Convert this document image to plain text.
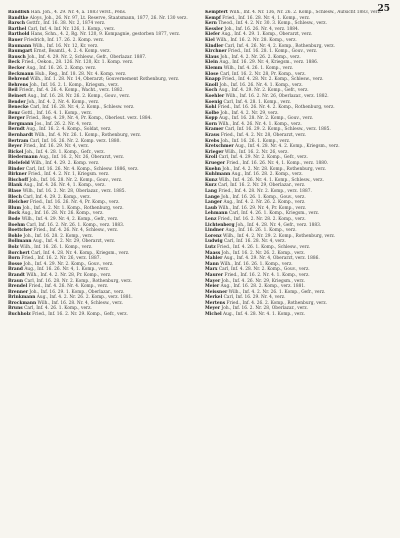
25

Bandlish Han. Joh., 4. 29. Nr. 4, a. 1883 verst., Pens.

Bandtke Aloys, Joh., 26. Nr. 97, Lt. Reserve, Staatsmann, 1877, 26. Nr. 130 verz.

Barsch Gottfr., Inf. 16. 38. Nr. 2, 1874 verz.

Barthel Carl, Inf. 4. Inf. Nr. 126, 1. Komp., verz.

Barthold Hans, Schn., 4. 2, Rg. Nr. 120, 9. Kompagnie, gestorben 1877, verz.

Bauer Friedrich, Inf. 17. 26. 2. Komp. verz.

Baumann Wilh., Inf. 16. Nr. 12, Kr. verz.

Baumgart Ernst, Beamtl., 4. 2. 4. Komp. verz.

Bausch Joh., Inf. 4. 29. Nr. 2, Schlesw., Gefr., Oberlazar. 1887.

Beck Fried., Oekon., 28. 126. Nr. 120, Kr. 1. Komp. verz.

Becker Aug., Inf. 16. 26. 2. Komp. verz.

Beckmann Hub., Reg., Inf. 18. 28. Nr. 4. Komp. verz.

Behrend Wilh., Inf. 1. 28. Nr. 14, Oberarzt; Gouvernement Rothenburg, verz.

Behrens Joh., Inf. 16. 2. 1. Komp., Kriegsm., verz.

Beil Friedr., Inf. 4. 26. 4. Komp., Wacht., verz. 1882.

Beinert Aug., Inf. 16. 28. Nr. 26. 2. Komp., Gouv., verz.

Bender Joh., Inf. 4. 2, Nr. 4. Komp., verz.

Benecke Carl, Inf. 16. 28. Nr. 4, 2. Komp., Schlesw. verz.

Benz Gottl., Inf. 16. 4. 1. Komp., verz.

Berger Fried., Reg. 4. 29, Nr. 4, Pr. Komp., Oberleut. verz. 1884.

Bergmann Jos., Inf. 26. 2. Nr. 4, verz.

Berndt Aug., Inf. 16. 2. 4. Komp., Soldat, verz.

Bernhardt Wilh., Inf. 4. Nr. 26. 1. Komp., Rothenburg, verz.

Bertram Carl, Inf. 16. 26. Nr. 2. Komp. verz. 1880.

Beyer Fried., Inf. 16. 29. Nr. 4, verz.

Bickel Joh., Inf. 4. 28. 1. Komp., Gefr., verz.

Biedermann Aug., Inf. 16. 2, Nr. 26, Oberarzt, verz.

Bielefeld Wilh., Inf. 4. 29. 2. Komp. verz.

Binder Carl, Inf. 16. 26. Nr. 4. Komp., Schlesw. 1886, verz.

Birkner Fried., Inf. 4. 2. Nr. 1, Kriegsm. verz.

Bischoff Joh., Inf. 16. 28. Nr. 2. Komp., Gouv., verz.

Blank Aug., Inf. 4. 26. Nr. 4, 1. Komp., verz.

Blase Wilh., Inf. 16. 2. Nr. 28, Oberlazar., verz. 1885.

Blech Carl, Inf. 4. 29. 2. Komp., verz.

Bleicher Fried., Inf. 16. 26. Nr. 4, Pr. Komp., verz.

Blum Joh., Inf. 4. 2. Nr. 1. Komp., Rothenburg, verz.

Bock Aug., Inf. 16. 28. Nr. 26. Komp., verz.

Bode Wilh., Inf. 4. 29. Nr. 4, 2. Komp., Gefr., verz.

Boehm Carl, Inf. 16. 2. Nr. 26. 1. Komp., verz. 1883.

Boettcher Fried., Inf. 4. 26. Nr. 4, Schlesw., verz.

Bohle Joh., Inf. 16. 28. 2. Komp., verz.

Bollmann Aug., Inf. 4. 2. Nr. 29, Oberarzt, verz.

Bolz Wilh., Inf. 16. 26. 1. Komp., verz.

Borchert Carl, Inf. 4. 28. Nr. 4. Komp., Kriegsm., verz.

Born Fried., Inf. 16. 2. Nr. 26, verz. 1887.

Bosse Joh., Inf. 4. 29. Nr. 2. Komp., Gouv., verz.

Brand Aug., Inf. 16. 26. Nr. 4, 1. Komp., verz.

Brandt Wilh., Inf. 4. 2. Nr. 28, Pr. Komp., verz.

Braun Carl, Inf. 16. 28. Nr. 2. Komp., Rothenburg, verz.

Brendel Fried., Inf. 4. 26. Nr. 4. Komp., verz.

Brenner Joh., Inf. 16. 29. 1. Komp., Oberlazar., verz.

Brinkmann Aug., Inf. 4. 2. Nr. 26. 2. Komp., verz. 1881.

Brockmann Wilh., Inf. 16. 28. Nr. 4, Schlesw., verz.

Bruns Carl, Inf. 4. 26. 1. Komp., verz.

Buchholz Fried., Inf. 16. 2. Nr. 29. Komp., Gefr., verz.

Kempfert Wilh., Inf. 4. Nr. 136, Nr. 26. 2. Komp., Schlesw., Aufsicht 1883, verz.

Kempf Fried., Inf. 16. 28. Nr. 4, 1. Komp., verz.

Kern Theod., Inf. 4. 2. Nr. 30. 3. Komp., Schlesw., verz.

Kessler Joh., Inf. 16. 26. Nr. 4, verz. 1884.

Kiefer Aug., Inf. 4. 29. 1. Komp., Oberarzt, verz.

Kiel Wilh., Inf. 16. 2. Nr. 28. Komp., verz.

Kindler Carl, Inf. 4. 26. Nr. 4, 2. Komp., Rothenburg, verz.

Kirchner Fried., Inf. 16. 28. 1. Komp., Gouv., verz.

Klaus Joh., Inf. 4. 2. Nr. 26. 2. Komp., verz.

Klein Aug., Inf. 16. 29. Nr. 4, Kriegsm., verz. 1886.

Klemm Wilh., Inf. 4. 26. 1. Komp., verz.

Klose Carl, Inf. 16. 2. Nr. 28, Pr. Komp., verz.

Knapp Fried., Inf. 4. 28. Nr. 2. Komp., Schlesw., verz.

Knoll Joh., Inf. 16. 26. Nr. 4. 1. Komp., verz.

Koch Aug., Inf. 4. 29. Nr. 2. Komp., Gefr., verz.

Koehler Wilh., Inf. 16. 2. Nr. 26, Oberlazar., verz. 1882.

Koenig Carl, Inf. 4. 28. 1. Komp., verz.

Kohl Fried., Inf. 16. 26. Nr. 4. 2. Komp., Rothenburg, verz.

Kolbe Joh., Inf. 4. 2. Nr. 29, verz.

Kopp Aug., Inf. 16. 28. Nr. 2. Komp., Gouv., verz.

Korn Wilh., Inf. 4. 26. Nr. 4. 1. Komp., verz.

Kramer Carl, Inf. 16. 29. 2. Komp., Schlesw., verz. 1885.

Kraus Fried., Inf. 4. 2. Nr. 28, Oberarzt, verz.

Krebs Joh., Inf. 16. 26. 1. Komp., verz.

Kretschmer Aug., Inf. 4. 28. Nr. 4. 2. Komp., Kriegsm., verz.

Krieger Wilh., Inf. 16. 2. Nr. 26, verz.

Kroll Carl, Inf. 4. 29. Nr. 2. Komp., Gefr., verz.

Krueger Fried., Inf. 16. 26. Nr. 4, 1. Komp., verz. 1880.

Kuehn Joh., Inf. 4. 2. Nr. 28. Komp., Rothenburg, verz.

Kuhlmann Aug., Inf. 16. 28. 2. Komp., verz.

Kunz Wilh., Inf. 4. 26. Nr. 4. 1. Komp., Schlesw., verz.

Kurz Carl, Inf. 16. 2. Nr. 29, Oberlazar., verz.

Lang Fried., Inf. 4. 28. Nr. 2. Komp., verz. 1887.

Lange Joh., Inf. 16. 26. 1. Komp., Gouv., verz.

Langer Aug., Inf. 4. 2. Nr. 26. 2. Komp., verz.

Laub Wilh., Inf. 16. 29. Nr. 4, Pr. Komp., verz.

Lehmann Carl, Inf. 4. 26. 1. Komp., Kriegsm., verz.

Lenz Fried., Inf. 16. 2. Nr. 28. 2. Komp., verz.

Lichtenberg Joh., Inf. 4. 28. Nr. 4, Gefr., verz. 1883.

Lindner Aug., Inf. 16. 26. 1. Komp., verz.

Lorenz Wilh., Inf. 4. 2. Nr. 29. 2. Komp., Rothenburg, verz.

Ludwig Carl, Inf. 16. 28. Nr. 4, verz.

Lutz Fried., Inf. 4. 26. 1. Komp., Schlesw., verz.

Maass Joh., Inf. 16. 2. Nr. 26. 2. Komp., verz.

Mahler Aug., Inf. 4. 29. Nr. 4, Oberarzt, verz. 1886.

Mann Wilh., Inf. 16. 26. 1. Komp., verz.

Marx Carl, Inf. 4. 28. Nr. 2. Komp., Gouv., verz.

Maurer Fried., Inf. 16. 2. Nr. 4. 1. Komp., verz.

Mayer Joh., Inf. 4. 26. Nr. 29, Kriegsm., verz.

Meier Aug., Inf. 16. 28. 2. Komp., verz. 1881.

Meissner Wilh., Inf. 4. 2. Nr. 26. 1. Komp., Gefr., verz.

Merkel Carl, Inf. 16. 29. Nr. 4, verz.

Mertens Fried., Inf. 4. 26. 2. Komp., Rothenburg, verz.

Meyer Joh., Inf. 16. 2. Nr. 28, Oberlazar., verz.

Michel Aug., Inf. 4. 28. Nr. 4. 1. Komp., verz.
